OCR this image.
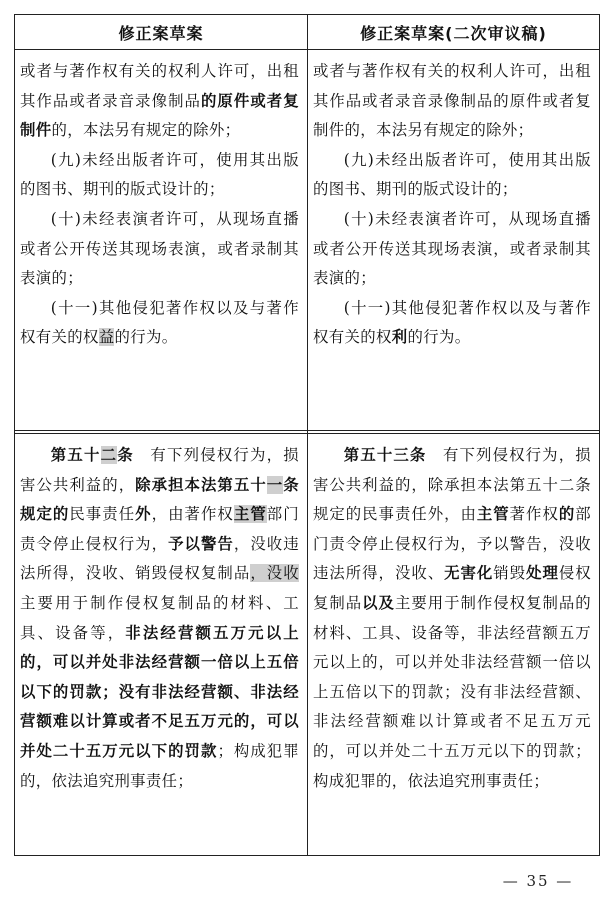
修正案草案	修正案草案(二次审议稿)

或者与著作权有关的权利人许可，出租其作品或者录音录像制品的原件或者复制件的，本法另有规定的除外；

(九)未经出版者许可，使用其出版的图书、期刊的版式设计的；

(十)未经表演者许可，从现场直播或者公开传送其现场表演，或者录制其表演的；

(十一)其他侵犯著作权以及与著作权有关的权益的行为。

或者与著作权有关的权利人许可，出租其作品或者录音录像制品的原件或者复制件的，本法另有规定的除外；

(九)未经出版者许可，使用其出版的图书、期刊的版式设计的；

(十)未经表演者许可，从现场直播或者公开传送其现场表演，或者录制其表演的；

(十一)其他侵犯著作权以及与著作权有关的权利的行为。

第五十二条　有下列侵权行为，损害公共利益的，除承担本法第五十一条规定的民事责任外，由著作权主管部门责令停止侵权行为，予以警告，没收违法所得，没收、销毁侵权复制品，没收主要用于制作侵权复制品的材料、工具、设备等，非法经营额五万元以上的，可以并处非法经营额一倍以上五倍以下的罚款；没有非法经营额、非法经营额难以计算或者不足五万元的，可以并处二十五万元以下的罚款；构成犯罪的，依法追究刑事责任；

第五十三条　有下列侵权行为，损害公共利益的，除承担本法第五十二条规定的民事责任外，由主管著作权的部门责令停止侵权行为，予以警告，没收违法所得，没收、无害化销毁处理侵权复制品以及主要用于制作侵权复制品的材料、工具、设备等，非法经营额五万元以上的，可以并处非法经营额一倍以上五倍以下的罚款；没有非法经营额、非法经营额难以计算或者不足五万元的，可以并处二十五万元以下的罚款；构成犯罪的，依法追究刑事责任；

— 35 —
